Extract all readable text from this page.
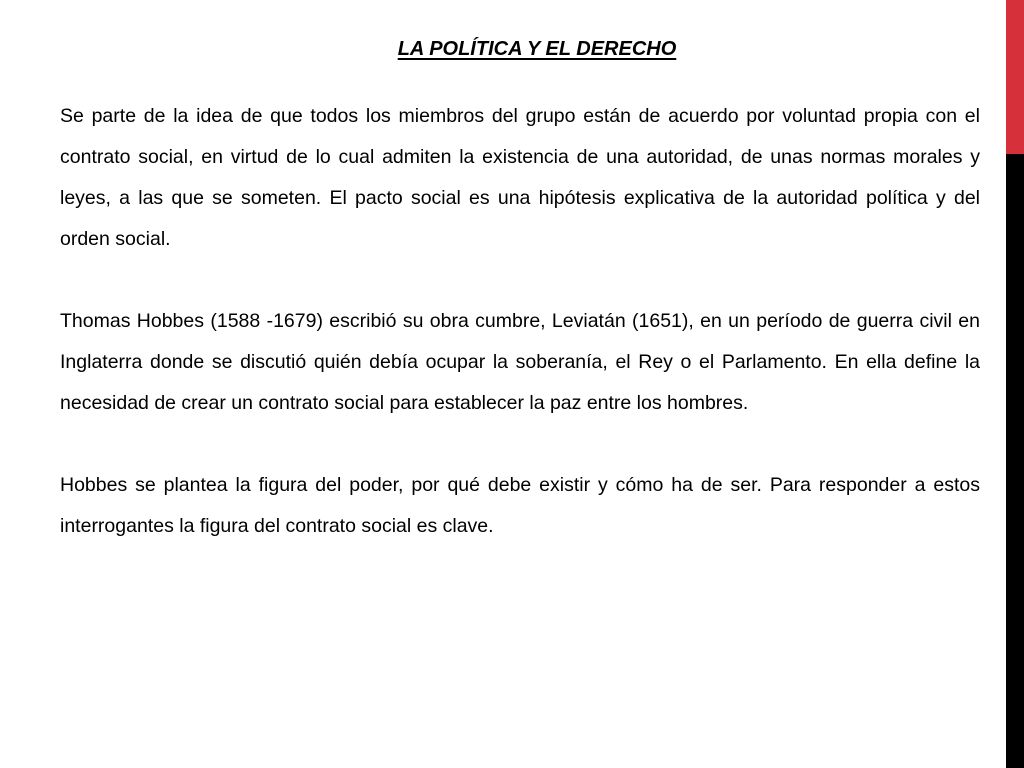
LA POLÍTICA Y EL DERECHO

Se parte de la idea de que todos los miembros del grupo están de acuerdo por voluntad propia con el contrato social, en virtud de lo cual admiten la existencia de una autoridad, de unas normas morales y leyes, a las que se someten. El pacto social es una hipótesis explicativa de la autoridad política y del orden social.

Thomas Hobbes (1588 -1679) escribió su obra cumbre, Leviatán (1651), en un período de guerra civil en Inglaterra donde se discutió quién debía ocupar la soberanía, el Rey o el Parlamento. En ella define la necesidad de crear un contrato social para establecer la paz entre los hombres.

Hobbes se plantea la figura del poder, por qué debe existir y cómo ha de ser. Para responder a estos interrogantes la figura del contrato social es clave.
